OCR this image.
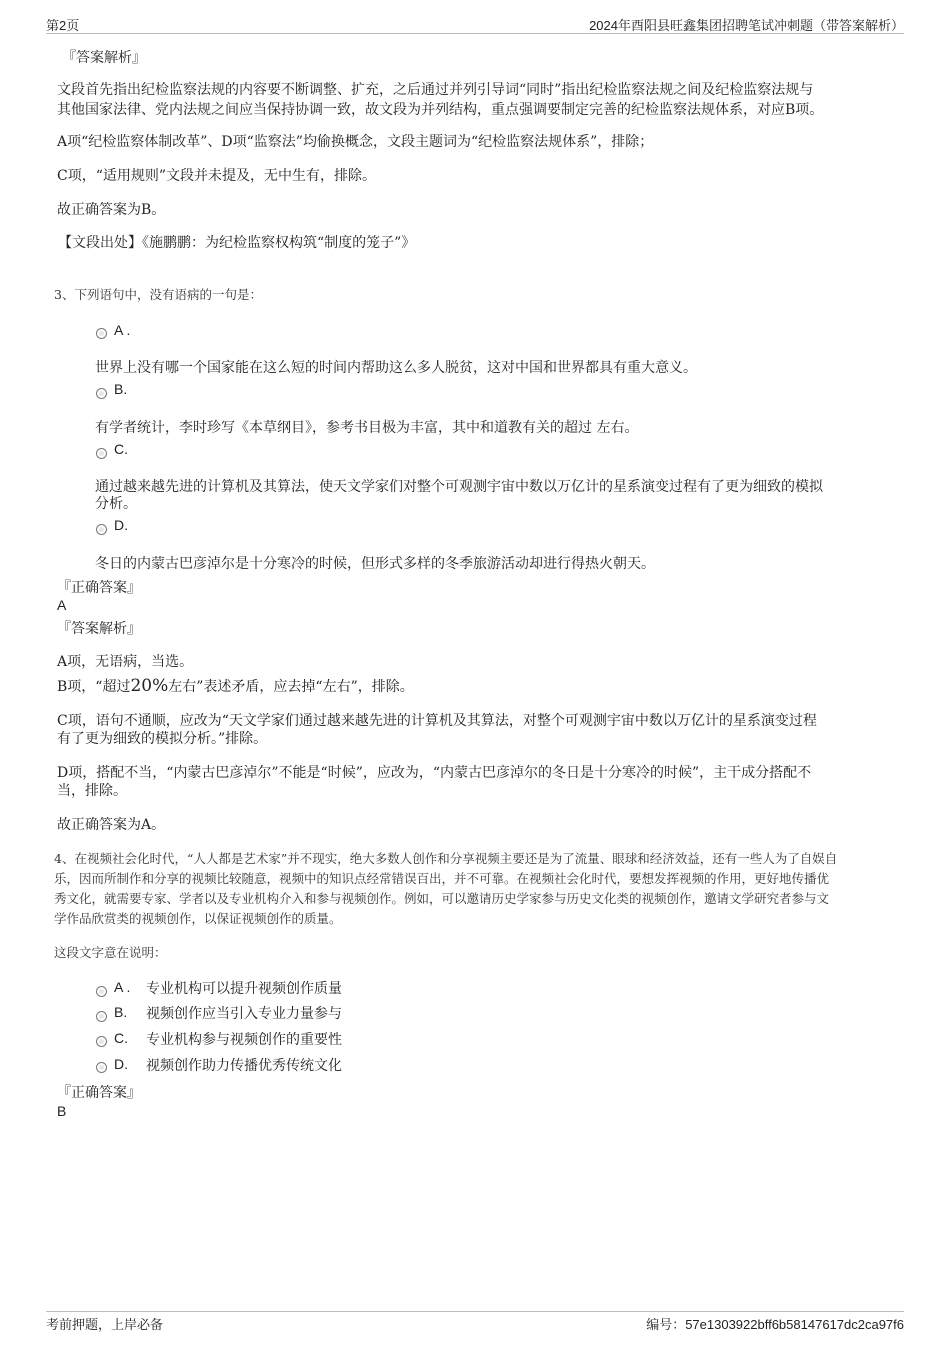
第2页	2024年酉阳县旺鑫集团招聘笔试冲刺题（带答案解析）
『答案解析』
文段首先指出纪检监察法规的内容要不断调整、扩充，之后通过并列引导词“同时”指出纪检监察法规之间及纪检监察法规与
其他国家法律、党内法规之间应当保持协调一致，故文段为并列结构，重点强调要制定完善的纪检监察法规体系，对应B项。
A项“纪检监察体制改革”、D项“监察法”均偷换概念，文段主题词为“纪检监察法规体系”，排除；
C项，“适用规则”文段并未提及，无中生有，排除。
故正确答案为B。
【文段出处】《施鹏鹏：为纪检监察权构筑“制度的笼子”》
3、下列语句中，没有语病的一句是：
A .
世界上没有哪一个国家能在这么短的时间内帮助这么多人脱贫，这对中国和世界都具有重大意义。
B.
有学者统计，李时珍写《本草纲目》，参考书目极为丰富，其中和道教有关的超过 左右。
C.
通过越来越先进的计算机及其算法，使天文学家们对整个可观测宇宙中数以万亿计的星系演变过程有了更为细致的模拟
分析。
D.
冬日的内蒙古巴彦淖尔是十分寒冷的时候，但形式多样的冬季旅游活动却进行得热火朝天。
『正确答案』
A
『答案解析』
A项，无语病，当选。
B项，“超过20%左右”表述矛盾，应去掉“左右”，排除。
C项，语句不通顺，应改为“天文学家们通过越来越先进的计算机及其算法，对整个可观测宇宙中数以万亿计的星系演变过程
有了更为细致的模拟分析。”排除。
D项，搭配不当，“内蒙古巴彦淖尔”不能是“时候”，应改为，“内蒙古巴彦淖尔的冬日是十分寒冷的时候”，主干成分搭配不
当，排除。
故正确答案为A。
4、在视频社会化时代，“人人都是艺术家”并不现实，绝大多数人创作和分享视频主要还是为了流量、眼球和经济效益，还有一些人为了自娱自
乐，因而所制作和分享的视频比较随意，视频中的知识点经常错误百出，并不可靠。在视频社会化时代，要想发挥视频的作用，更好地传播优
秀文化，就需要专家、学者以及专业机构介入和参与视频创作。例如，可以邀请历史学家参与历史文化类的视频创作，邀请文学研究者参与文
学作品欣赏类的视频创作，以保证视频创作的质量。
这段文字意在说明：
A . 专业机构可以提升视频创作质量
B. 视频创作应当引入专业力量参与
C. 专业机构参与视频创作的重要性
D. 视频创作助力传播优秀传统文化
『正确答案』
B
考前押题，上岸必备	编号：57e1303922bff6b58147617dc2ca97f6
